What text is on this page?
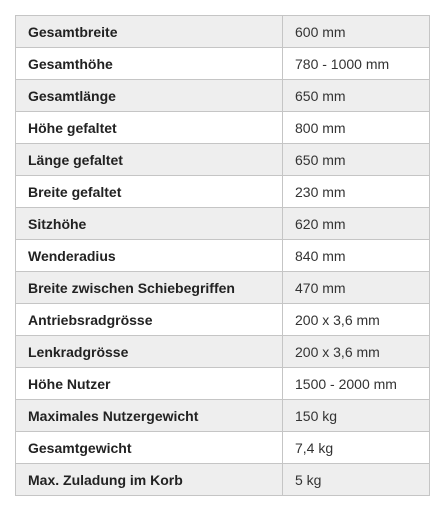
Gesamtbreite	600 mm
Gesamthöhe	780 - 1000 mm
Gesamtlänge	650 mm
Höhe gefaltet	800 mm
Länge gefaltet	650 mm
Breite gefaltet	230 mm
Sitzhöhe	620 mm
Wenderadius	840 mm
Breite zwischen Schiebegriffen	470 mm
Antriebsradgrösse	200 x 3,6 mm
Lenkradgrösse	200 x 3,6 mm
Höhe Nutzer	1500 - 2000 mm
Maximales Nutzergewicht	150 kg
Gesamtgewicht	7,4 kg
Max. Zuladung im Korb	5 kg
